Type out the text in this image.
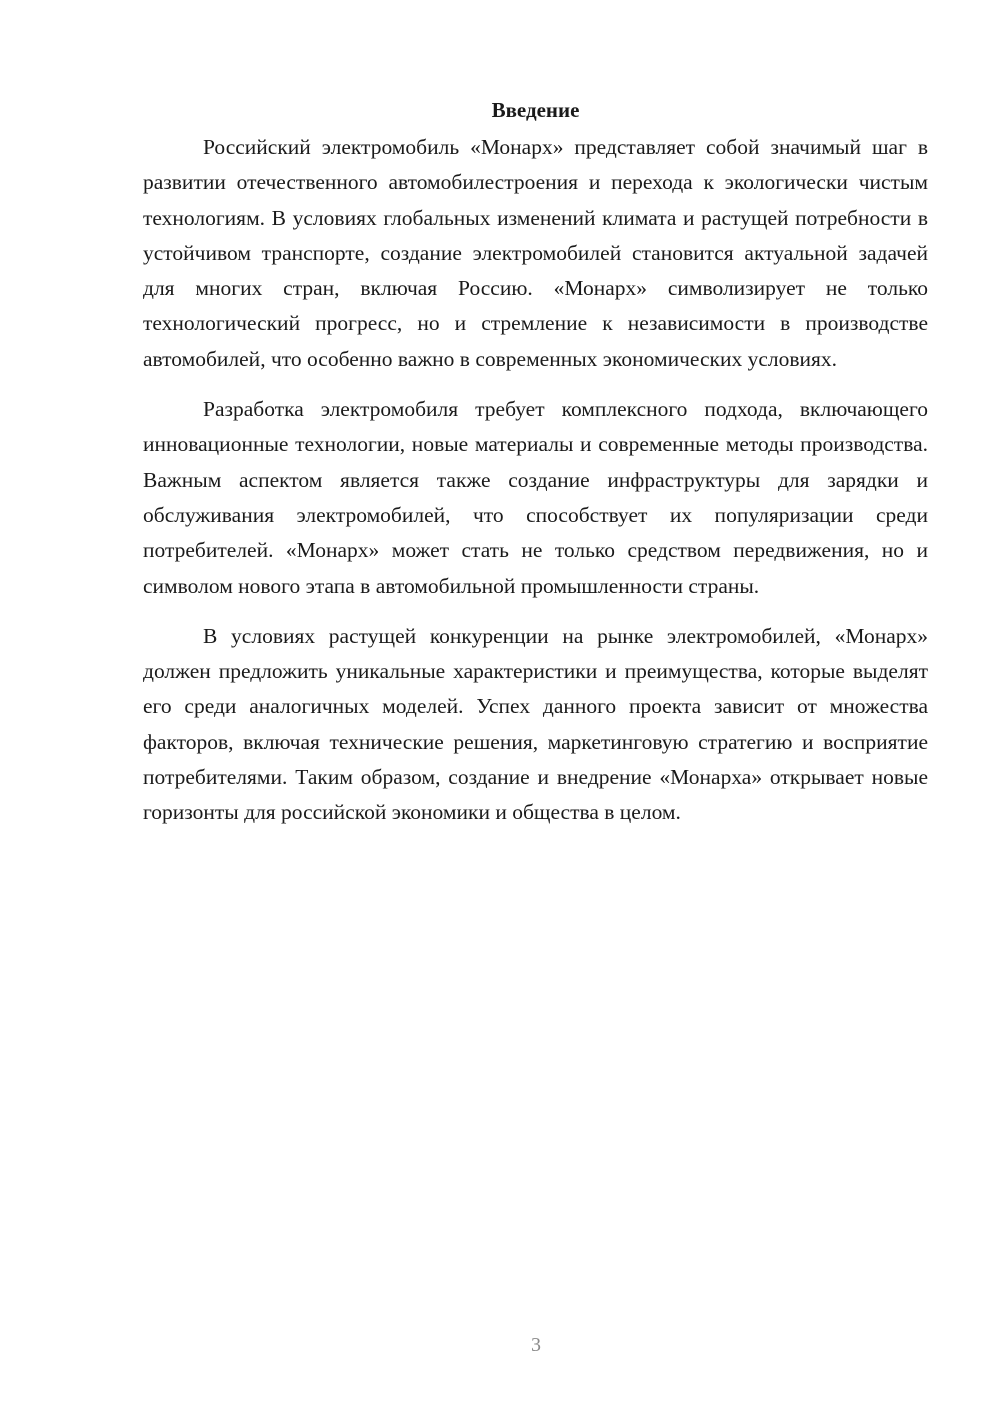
Введение

Российский электромобиль «Монарх» представляет собой значимый шаг в развитии отечественного автомобилестроения и перехода к экологически чистым технологиям. В условиях глобальных изменений климата и растущей потребности в устойчивом транспорте, создание электромобилей становится актуальной задачей для многих стран, включая Россию. «Монарх» символизирует не только технологический прогресс, но и стремление к независимости в производстве автомобилей, что особенно важно в современных экономических условиях.

Разработка электромобиля требует комплексного подхода, включающего инновационные технологии, новые материалы и современные методы производства. Важным аспектом является также создание инфраструктуры для зарядки и обслуживания электромобилей, что способствует их популяризации среди потребителей. «Монарх» может стать не только средством передвижения, но и символом нового этапа в автомобильной промышленности страны.

В условиях растущей конкуренции на рынке электромобилей, «Монарх» должен предложить уникальные характеристики и преимущества, которые выделят его среди аналогичных моделей. Успех данного проекта зависит от множества факторов, включая технические решения, маркетинговую стратегию и восприятие потребителями. Таким образом, создание и внедрение «Монарха» открывает новые горизонты для российской экономики и общества в целом.

3
